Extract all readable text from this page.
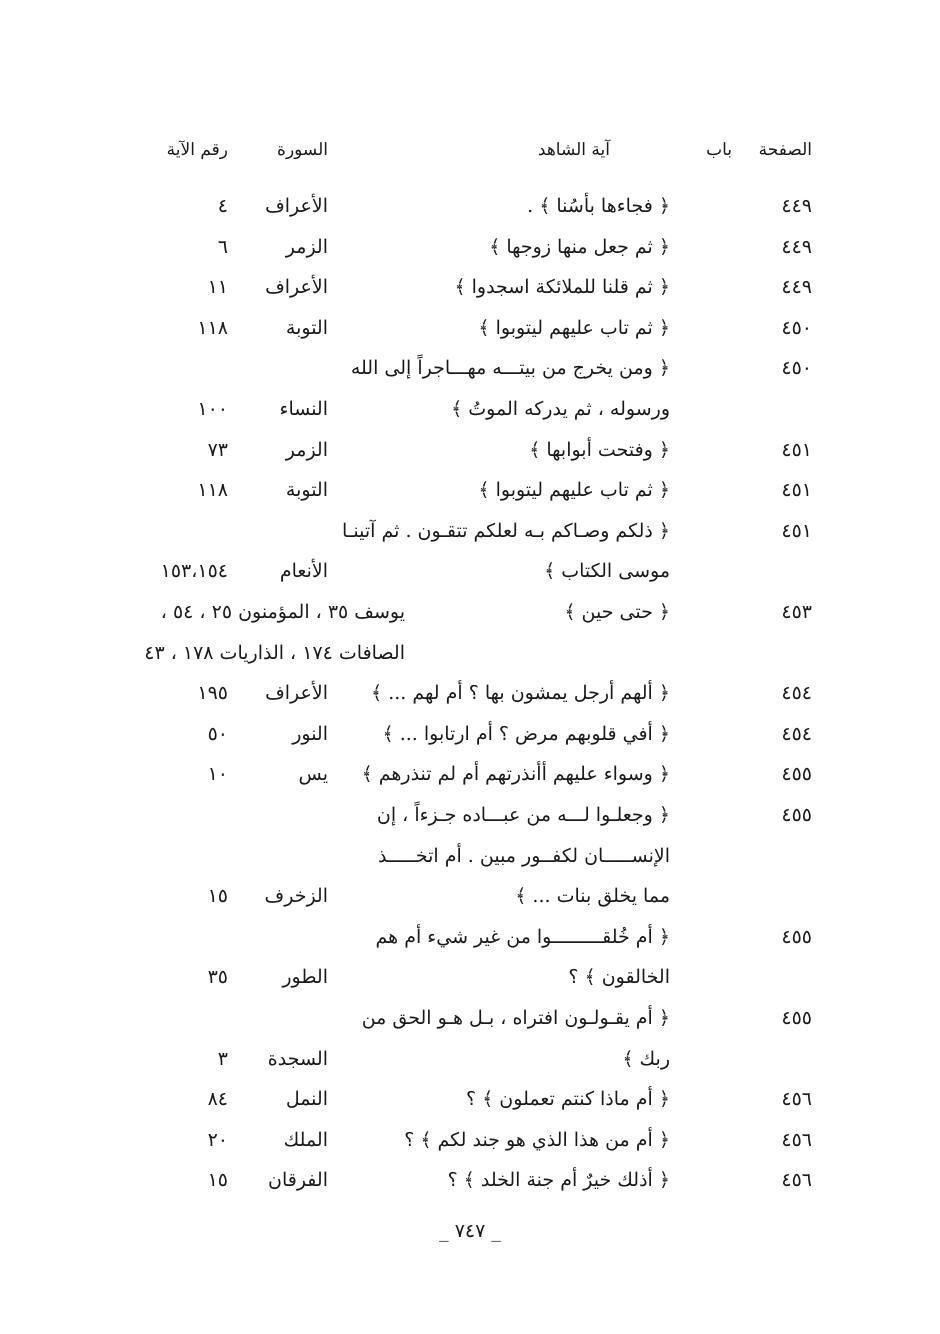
الصفحة
باب
آية الشاهد
السورة
رقم الآية
٤٤٩
﴿ فجاءها بأسُنا ﴾ .
الأعراف
٤
٤٤٩
﴿ ثم جعل منها زوجها ﴾
الزمر
٦
٤٤٩
﴿ ثم قلنا للملائكة اسجدوا ﴾
الأعراف
١١
٤٥٠
﴿ ثم تاب عليهم ليتوبوا ﴾
التوبة
١١٨
٤٥٠
﴿ ومن يخرج من بيتـــه مهـــاجراً إلى الله
ورسوله ، ثم يدركه الموتُ ﴾
النساء
١٠٠
٤٥١
﴿ وفتحت أبوابها ﴾
الزمر
٧٣
٤٥١
﴿ ثم تاب عليهم ليتوبوا ﴾
التوبة
١١٨
٤٥١
﴿ ذلكم وصـاكم بـه لعلكم تتقـون . ثم آتينـا
موسى الكتاب ﴾
الأنعام
١٥٣،١٥٤
٤٥٣
﴿ حتى حين ﴾
يوسف ٣٥ ، المؤمنون ٢٥ ، ٥٤ ،
الصافات ١٧٤ ، الذاريات ١٧٨ ، ٤٣
٤٥٤
﴿ ألهم أرجل يمشون بها ؟ أم لهم ... ﴾
الأعراف
١٩٥
٤٥٤
﴿ أفي قلوبهم مرض ؟ أم ارتابوا ... ﴾
النور
٥٠
٤٥٥
﴿ وسواء عليهم أأنذرتهم أم لم تنذرهم ﴾
يس
١٠
٤٥٥
﴿ وجعلـوا لـــه من عبـــاده جـزءاً ، إن
الإنســـــان لكفــور مبين . أم اتخـــــذ
مما يخلق بنات ... ﴾
الزخرف
١٥
٤٥٥
﴿ أم خُلقـــــــــوا من غير شيء أم هم
الخالقون ﴾ ؟
الطور
٣٥
٤٥٥
﴿ أم يقـولـون افتراه ، بـل هـو الحق من
ربك ﴾
السجدة
٣
٤٥٦
﴿ أم ماذا كنتم تعملون ﴾ ؟
النمل
٨٤
٤٥٦
﴿ أم من هذا الذي هو جند لكم ﴾ ؟
الملك
٢٠
٤٥٦
﴿ أذلك خيرٌ أم جنة الخلد ﴾ ؟
الفرقان
١٥
_ ٧٤٧ _
